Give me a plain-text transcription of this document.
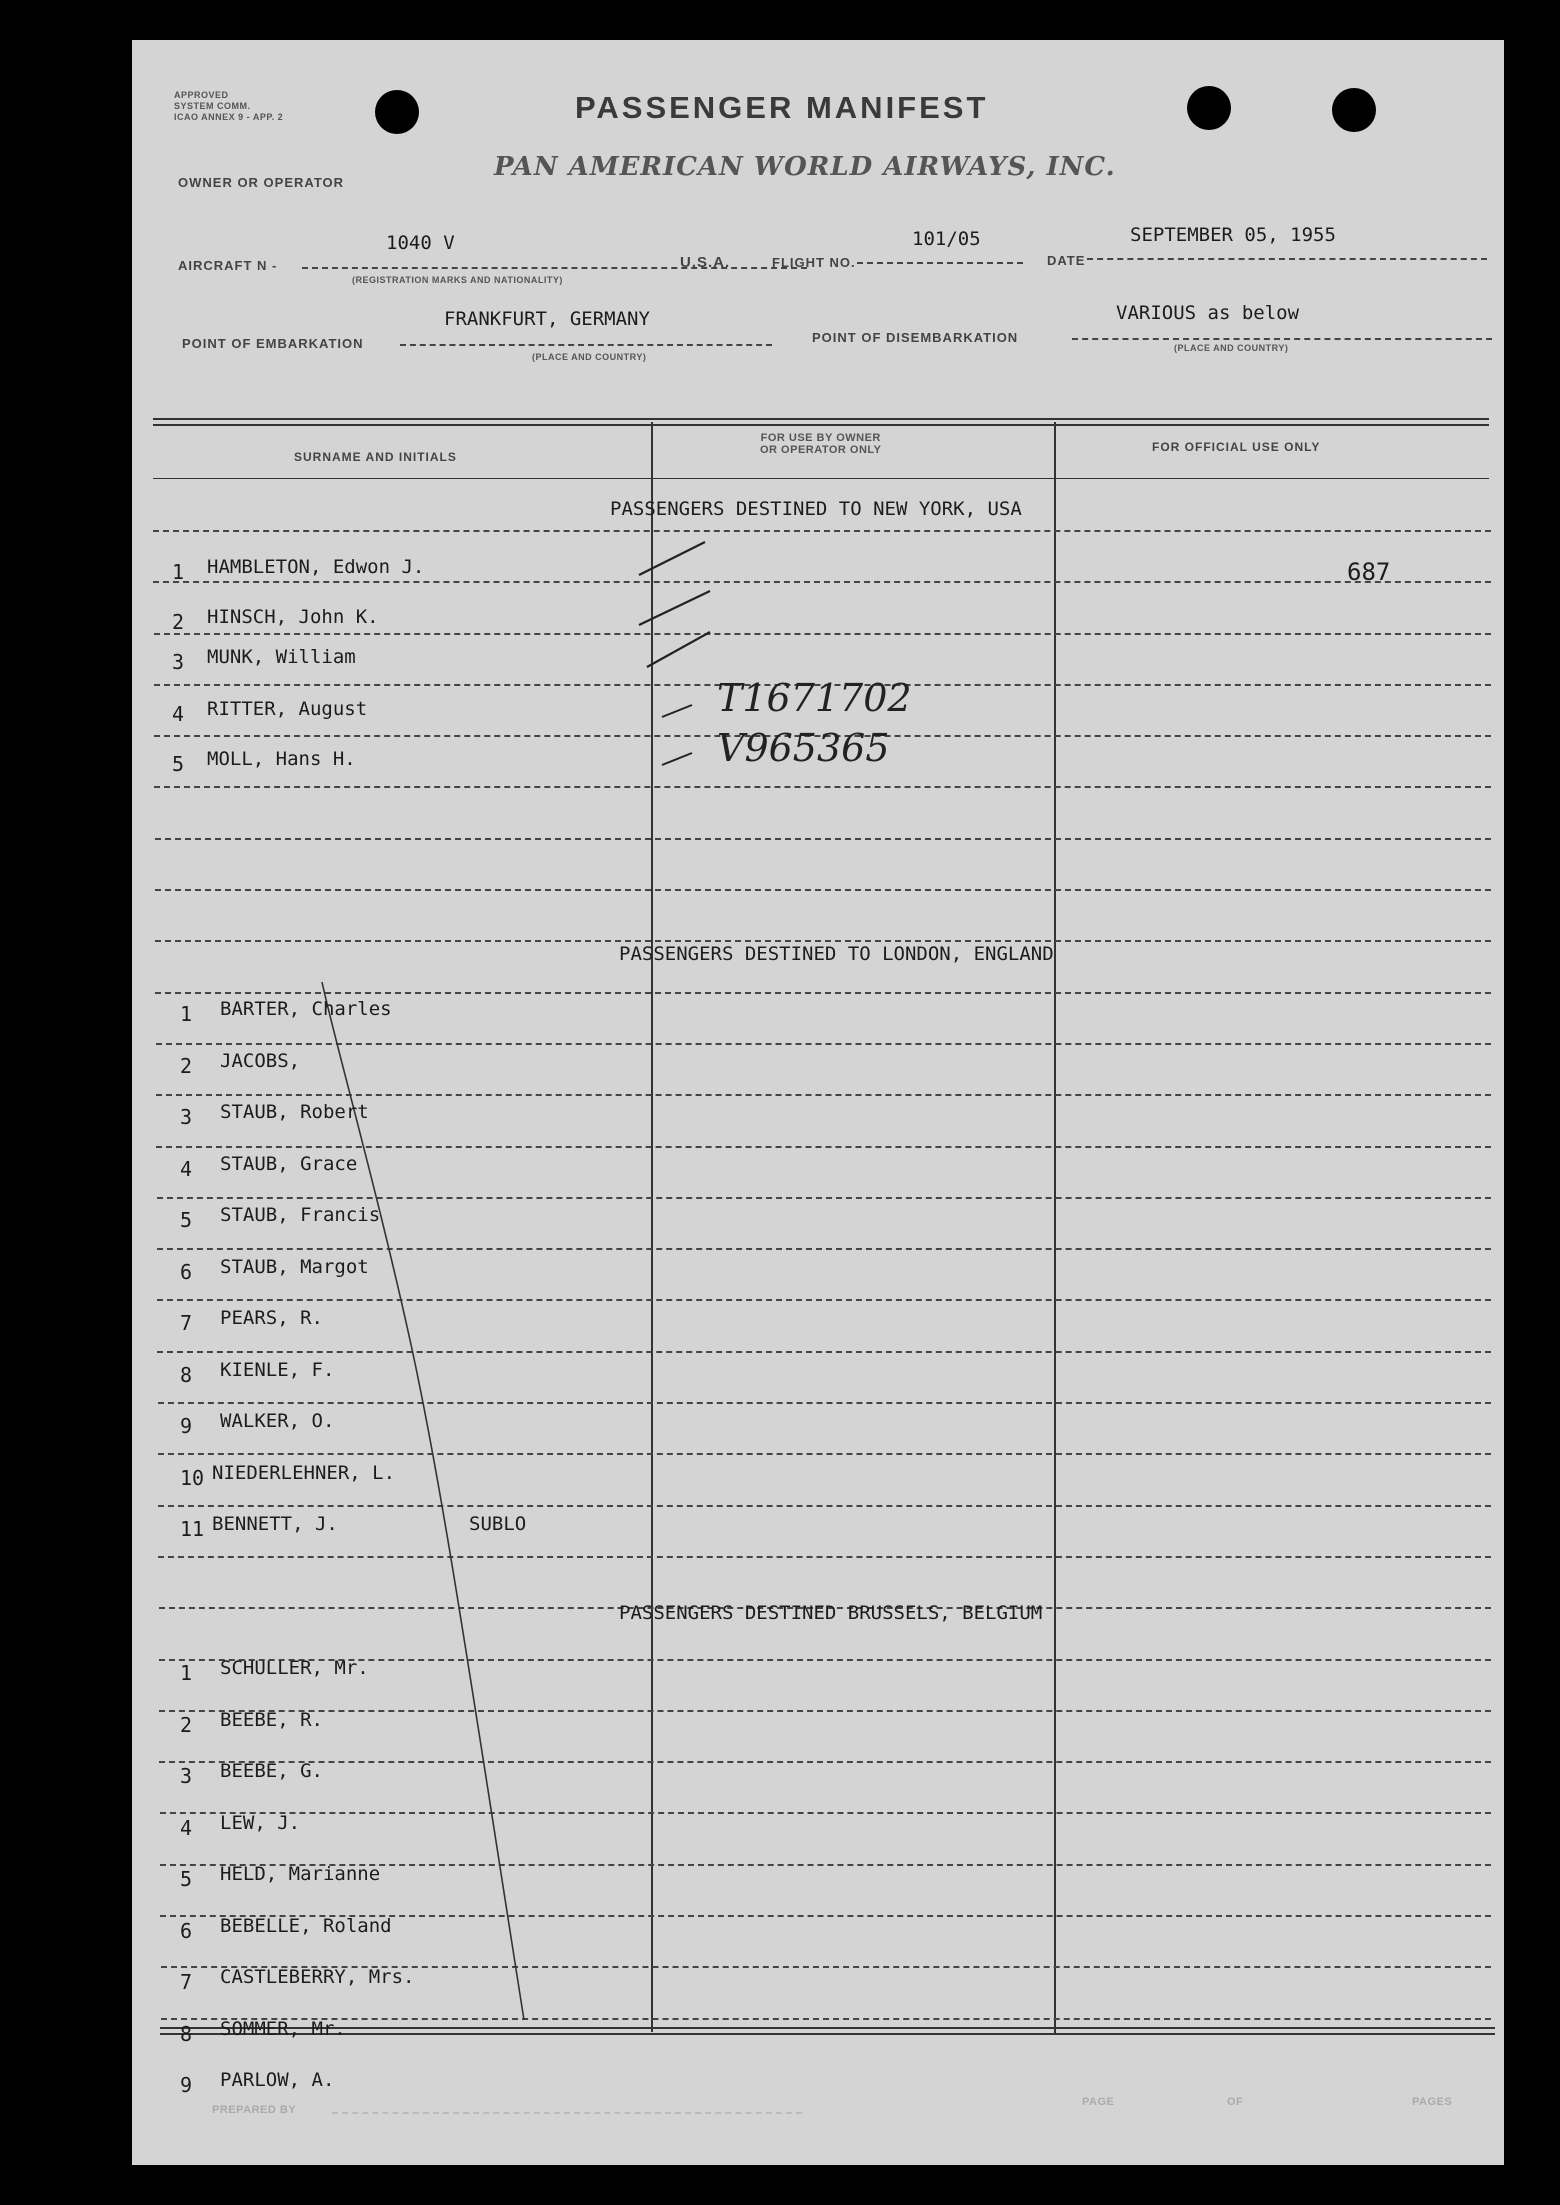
APPROVED
SYSTEM COMM.
ICAO ANNEX 9 - APP. 2	PASSENGER MANIFEST
OWNER OR OPERATOR
PAN AMERICAN WORLD AIRWAYS, INC.
AIRCRAFT N -
1040 V
(REGISTRATION MARKS AND NATIONALITY)
U.S.A.	FLIGHT NO.
101/05
DATE
SEPTEMBER 05, 1955
POINT OF EMBARKATION
FRANKFURT, GERMANY
(PLACE AND COUNTRY)
POINT OF DISEMBARKATION
VARIOUS as below
(PLACE AND COUNTRY)
SURNAME AND INITIALS
FOR USE BY OWNER
OR OPERATOR ONLY	FOR OFFICIAL USE ONLY
PREPARED BY
PAGE	OF	PAGES
PASSENGERS DESTINED TO NEW YORK, USA
1 HAMBLETON, Edwon J.	687
2 HINSCH, John K.
3 MUNK, William
4 RITTER, August	T1671702
5 MOLL, Hans H.	V965365
PASSENGERS DESTINED TO LONDON, ENGLAND
1 BARTER, Charles
2 JACOBS,
3 STAUB, Robert
4 STAUB, Grace
5 STAUB, Francis
6 STAUB, Margot
7 PEARS, R.
8 KIENLE, F.
9 WALKER, O.
10 NIEDERLEHNER, L.
11 BENNETT, J.	SUBLO
PASSENGERS DESTINED BRUSSELS, BELGIUM
1 SCHULLER, Mr.
2 BEEBE, R.
3 BEEBE, G.
4 LEW, J.
5 HELD, Marianne
6 BEBELLE, Roland
7 CASTLEBERRY, Mrs.
8 SOMMER, Mr.
9 PARLOW, A.
